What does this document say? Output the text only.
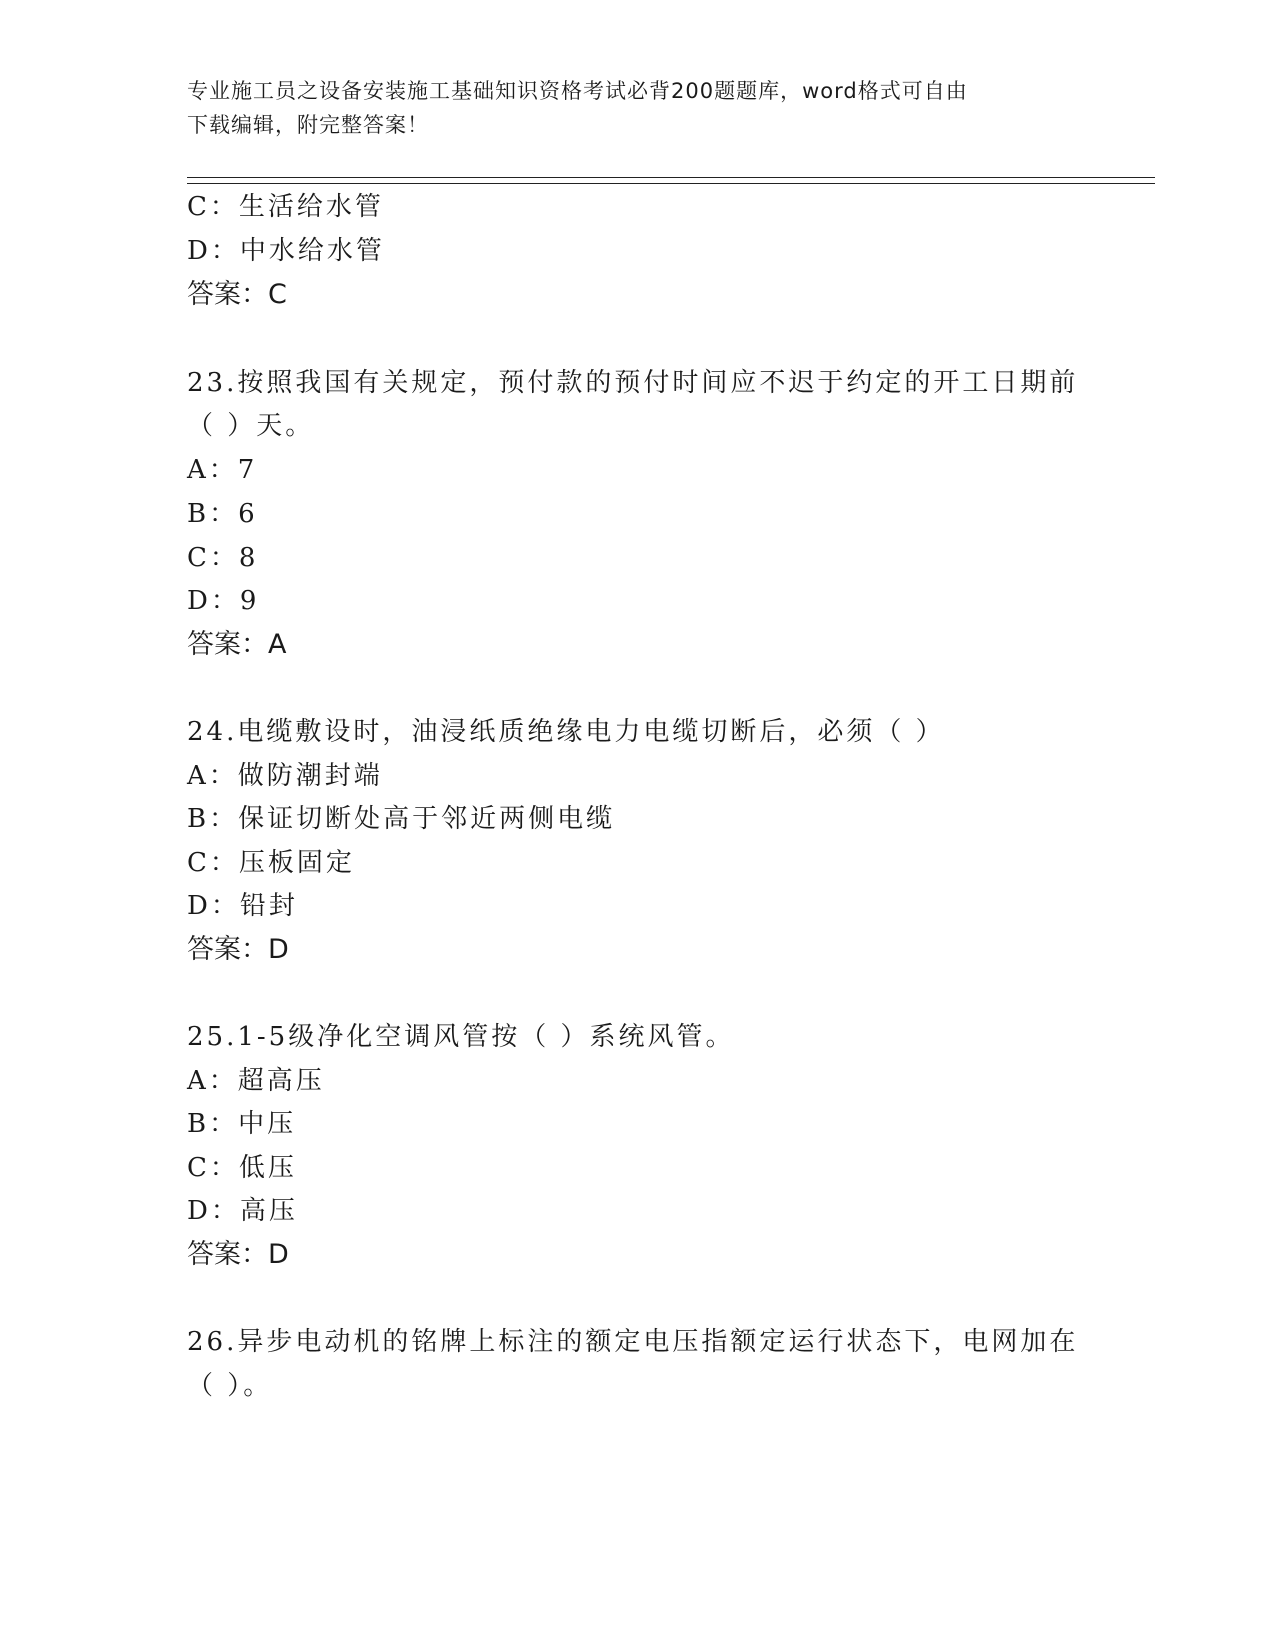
专业施工员之设备安装施工基础知识资格考试必背200题题库，word格式可自由
下载编辑，附完整答案！
C：生活给水管
D：中水给水管
答案：C
23.按照我国有关规定，预付款的预付时间应不迟于约定的开工日期前
（ ）天。
A：7
B：6
C：8
D：9
答案：A
24.电缆敷设时，油浸纸质绝缘电力电缆切断后，必须（ ）
A：做防潮封端
B：保证切断处高于邻近两侧电缆
C：压板固定
D：铅封
答案：D
25.1-5级净化空调风管按（ ）系统风管。
A：超高压
B：中压
C：低压
D：高压
答案：D
26.异步电动机的铭牌上标注的额定电压指额定运行状态下，电网加在
（ ）。
